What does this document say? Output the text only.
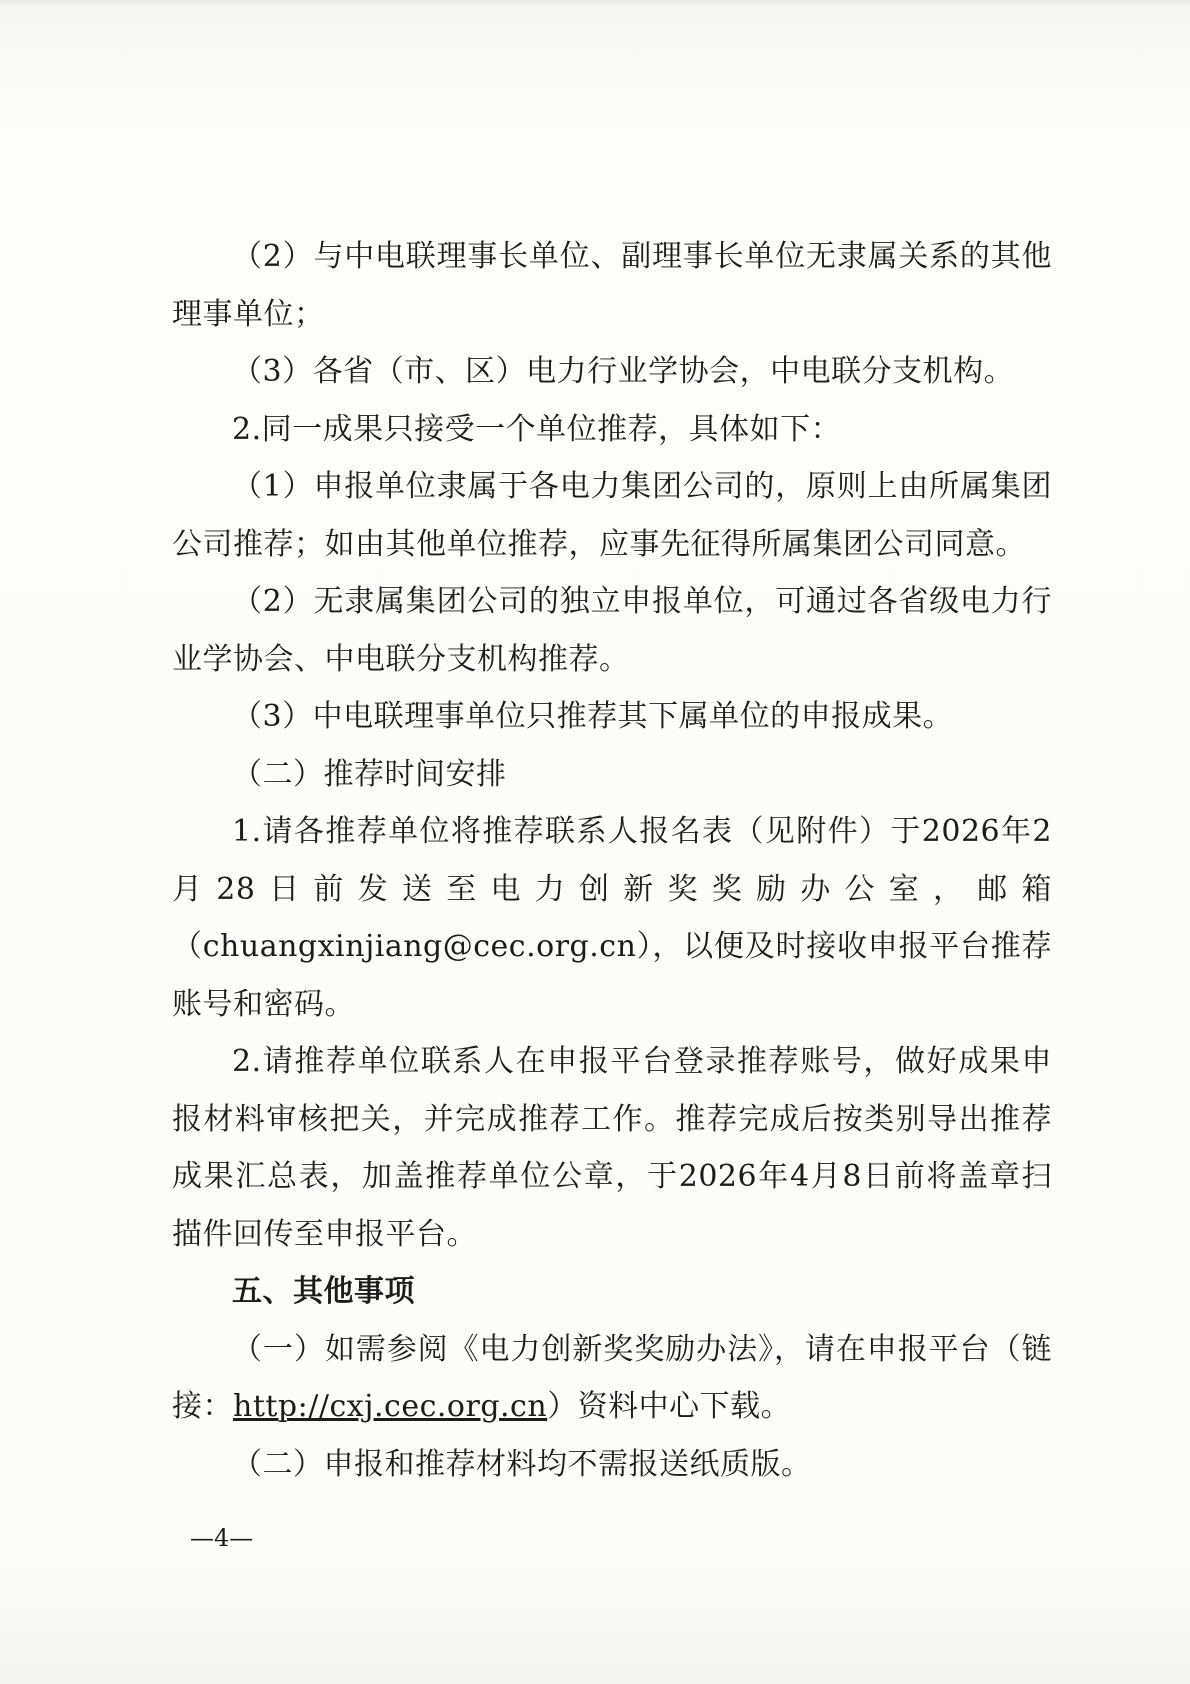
（2）与中电联理事长单位、副理事长单位无隶属关系的其他理事单位；

（3）各省（市、区）电力行业学协会，中电联分支机构。

2.同一成果只接受一个单位推荐，具体如下：

（1）申报单位隶属于各电力集团公司的，原则上由所属集团公司推荐；如由其他单位推荐，应事先征得所属集团公司同意。

（2）无隶属集团公司的独立申报单位，可通过各省级电力行业学协会、中电联分支机构推荐。

（3）中电联理事单位只推荐其下属单位的申报成果。

（二）推荐时间安排

1.请各推荐单位将推荐联系人报名表（见附件）于2026年2月28日前发送至电力创新奖奖励办公室，邮箱（chuangxinjiang@cec.org.cn），以便及时接收申报平台推荐账号和密码。

2.请推荐单位联系人在申报平台登录推荐账号，做好成果申报材料审核把关，并完成推荐工作。推荐完成后按类别导出推荐成果汇总表，加盖推荐单位公章，于2026年4月8日前将盖章扫描件回传至申报平台。

五、其他事项

（一）如需参阅《电力创新奖奖励办法》，请在申报平台（链接：http://cxj.cec.org.cn）资料中心下载。

（二）申报和推荐材料均不需报送纸质版。

—4—
